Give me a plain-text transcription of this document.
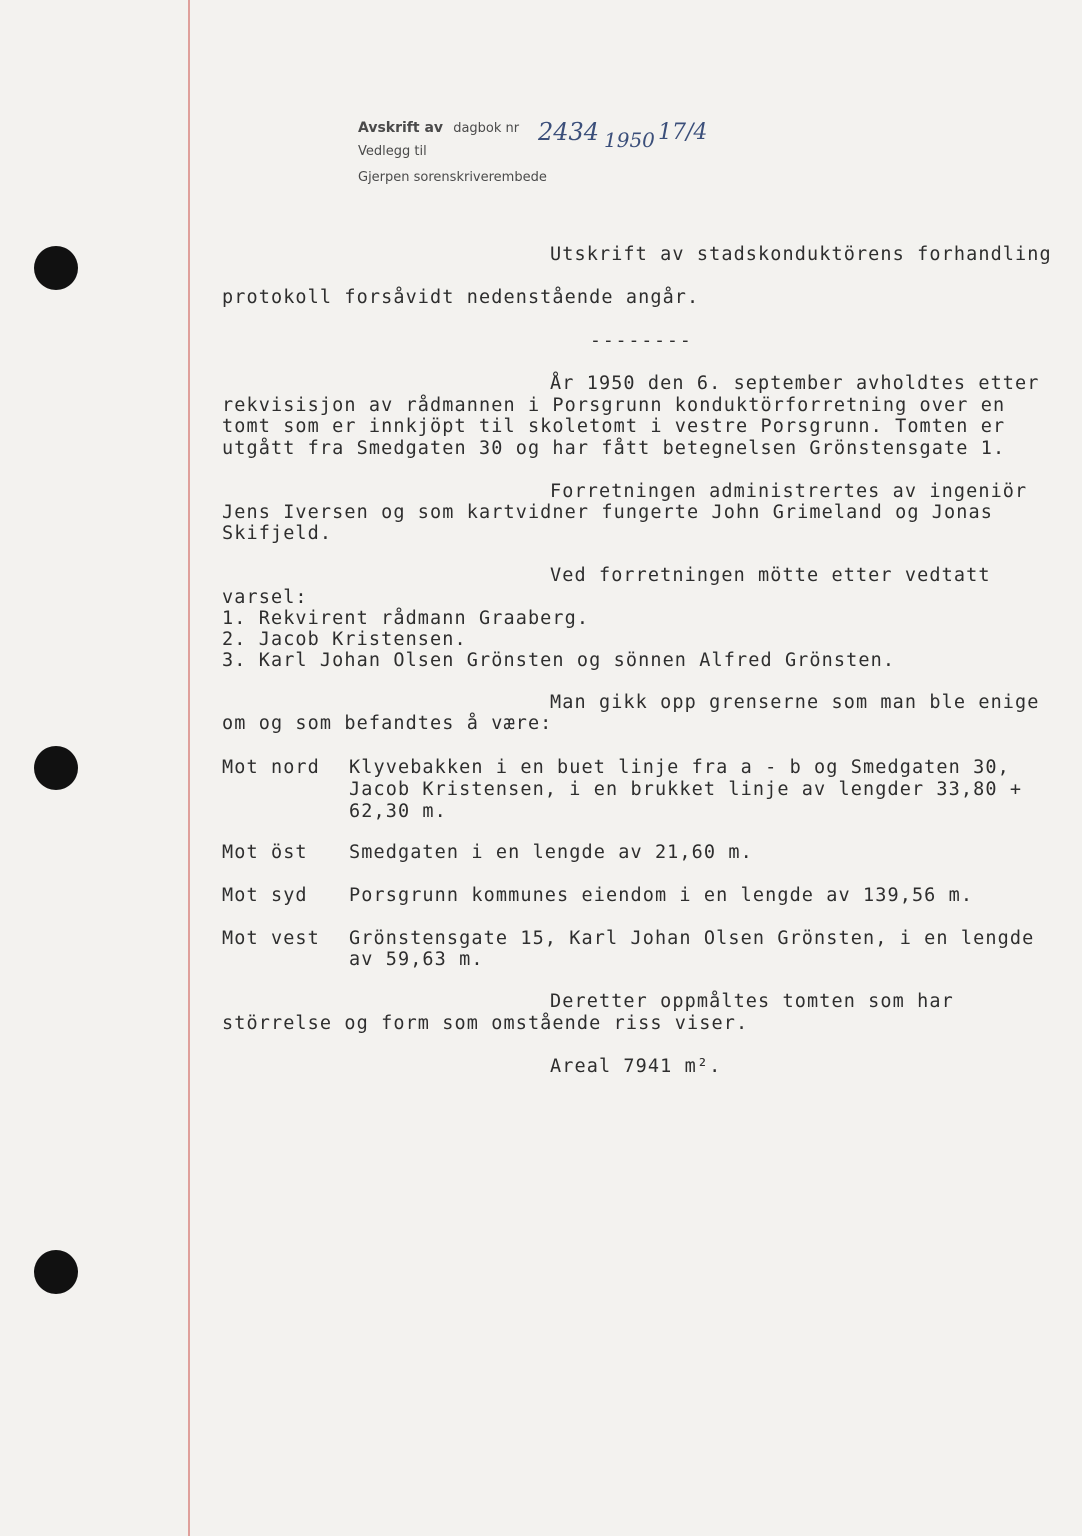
Avskrift av dagbok nr
Vedlegg til
Gjerpen sorenskriverembede
2434 1950 17/4
Utskrift av stadskonduktörens forhandling
protokoll forsåvidt nedenstående angår.
--------
År 1950 den 6. september avholdtes etter
rekvisisjon av rådmannen i Porsgrunn konduktörforretning over en
tomt som er innkjöpt til skoletomt i vestre Porsgrunn. Tomten er
utgått fra Smedgaten 30 og har fått betegnelsen Grönstensgate 1.
Forretningen administrertes av ingeniör
Jens Iversen og som kartvidner fungerte John Grimeland og Jonas
Skifjeld.
Ved forretningen mötte etter vedtatt
varsel:
1. Rekvirent rådmann Graaberg.
2. Jacob Kristensen.
3. Karl Johan Olsen Grönsten og sönnen Alfred Grönsten.
Man gikk opp grenserne som man ble enige
om og som befandtes å være:
Mot nord Klyvebakken i en buet linje fra a - b og Smedgaten 30,
Jacob Kristensen, i en brukket linje av lengder 33,80 +
62,30 m.
Mot öst Smedgaten i en lengde av 21,60 m.
Mot syd Porsgrunn kommunes eiendom i en lengde av 139,56 m.
Mot vest Grönstensgate 15, Karl Johan Olsen Grönsten, i en lengde
av 59,63 m.
Deretter oppmåltes tomten som har
störrelse og form som omstående riss viser.
Areal 7941 m².
